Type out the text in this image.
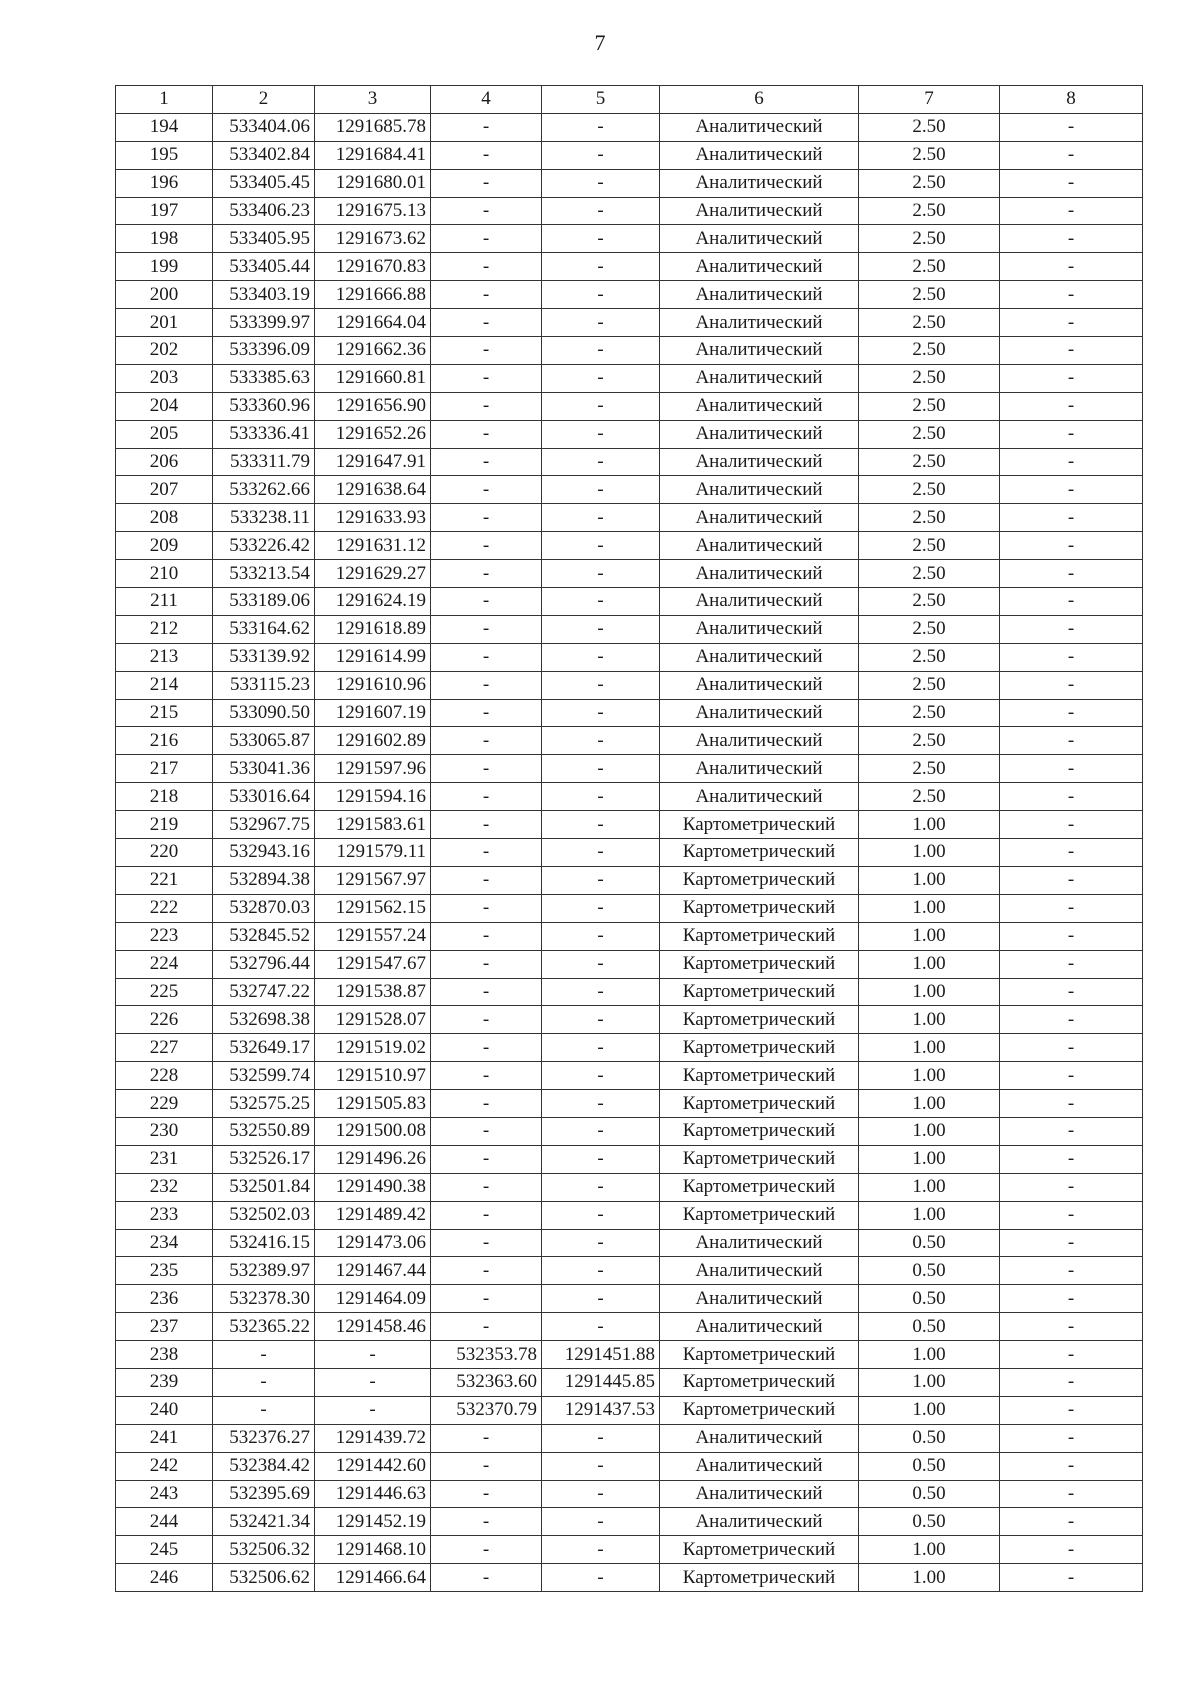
7
1	2	3	4	5	6	7	8
194	533404.06	1291685.78	-	-	Аналитический	2.50	-
195	533402.84	1291684.41	-	-	Аналитический	2.50	-
196	533405.45	1291680.01	-	-	Аналитический	2.50	-
197	533406.23	1291675.13	-	-	Аналитический	2.50	-
198	533405.95	1291673.62	-	-	Аналитический	2.50	-
199	533405.44	1291670.83	-	-	Аналитический	2.50	-
200	533403.19	1291666.88	-	-	Аналитический	2.50	-
201	533399.97	1291664.04	-	-	Аналитический	2.50	-
202	533396.09	1291662.36	-	-	Аналитический	2.50	-
203	533385.63	1291660.81	-	-	Аналитический	2.50	-
204	533360.96	1291656.90	-	-	Аналитический	2.50	-
205	533336.41	1291652.26	-	-	Аналитический	2.50	-
206	533311.79	1291647.91	-	-	Аналитический	2.50	-
207	533262.66	1291638.64	-	-	Аналитический	2.50	-
208	533238.11	1291633.93	-	-	Аналитический	2.50	-
209	533226.42	1291631.12	-	-	Аналитический	2.50	-
210	533213.54	1291629.27	-	-	Аналитический	2.50	-
211	533189.06	1291624.19	-	-	Аналитический	2.50	-
212	533164.62	1291618.89	-	-	Аналитический	2.50	-
213	533139.92	1291614.99	-	-	Аналитический	2.50	-
214	533115.23	1291610.96	-	-	Аналитический	2.50	-
215	533090.50	1291607.19	-	-	Аналитический	2.50	-
216	533065.87	1291602.89	-	-	Аналитический	2.50	-
217	533041.36	1291597.96	-	-	Аналитический	2.50	-
218	533016.64	1291594.16	-	-	Аналитический	2.50	-
219	532967.75	1291583.61	-	-	Картометрический	1.00	-
220	532943.16	1291579.11	-	-	Картометрический	1.00	-
221	532894.38	1291567.97	-	-	Картометрический	1.00	-
222	532870.03	1291562.15	-	-	Картометрический	1.00	-
223	532845.52	1291557.24	-	-	Картометрический	1.00	-
224	532796.44	1291547.67	-	-	Картометрический	1.00	-
225	532747.22	1291538.87	-	-	Картометрический	1.00	-
226	532698.38	1291528.07	-	-	Картометрический	1.00	-
227	532649.17	1291519.02	-	-	Картометрический	1.00	-
228	532599.74	1291510.97	-	-	Картометрический	1.00	-
229	532575.25	1291505.83	-	-	Картометрический	1.00	-
230	532550.89	1291500.08	-	-	Картометрический	1.00	-
231	532526.17	1291496.26	-	-	Картометрический	1.00	-
232	532501.84	1291490.38	-	-	Картометрический	1.00	-
233	532502.03	1291489.42	-	-	Картометрический	1.00	-
234	532416.15	1291473.06	-	-	Аналитический	0.50	-
235	532389.97	1291467.44	-	-	Аналитический	0.50	-
236	532378.30	1291464.09	-	-	Аналитический	0.50	-
237	532365.22	1291458.46	-	-	Аналитический	0.50	-
238	-	-	532353.78	1291451.88	Картометрический	1.00	-
239	-	-	532363.60	1291445.85	Картометрический	1.00	-
240	-	-	532370.79	1291437.53	Картометрический	1.00	-
241	532376.27	1291439.72	-	-	Аналитический	0.50	-
242	532384.42	1291442.60	-	-	Аналитический	0.50	-
243	532395.69	1291446.63	-	-	Аналитический	0.50	-
244	532421.34	1291452.19	-	-	Аналитический	0.50	-
245	532506.32	1291468.10	-	-	Картометрический	1.00	-
246	532506.62	1291466.64	-	-	Картометрический	1.00	-
